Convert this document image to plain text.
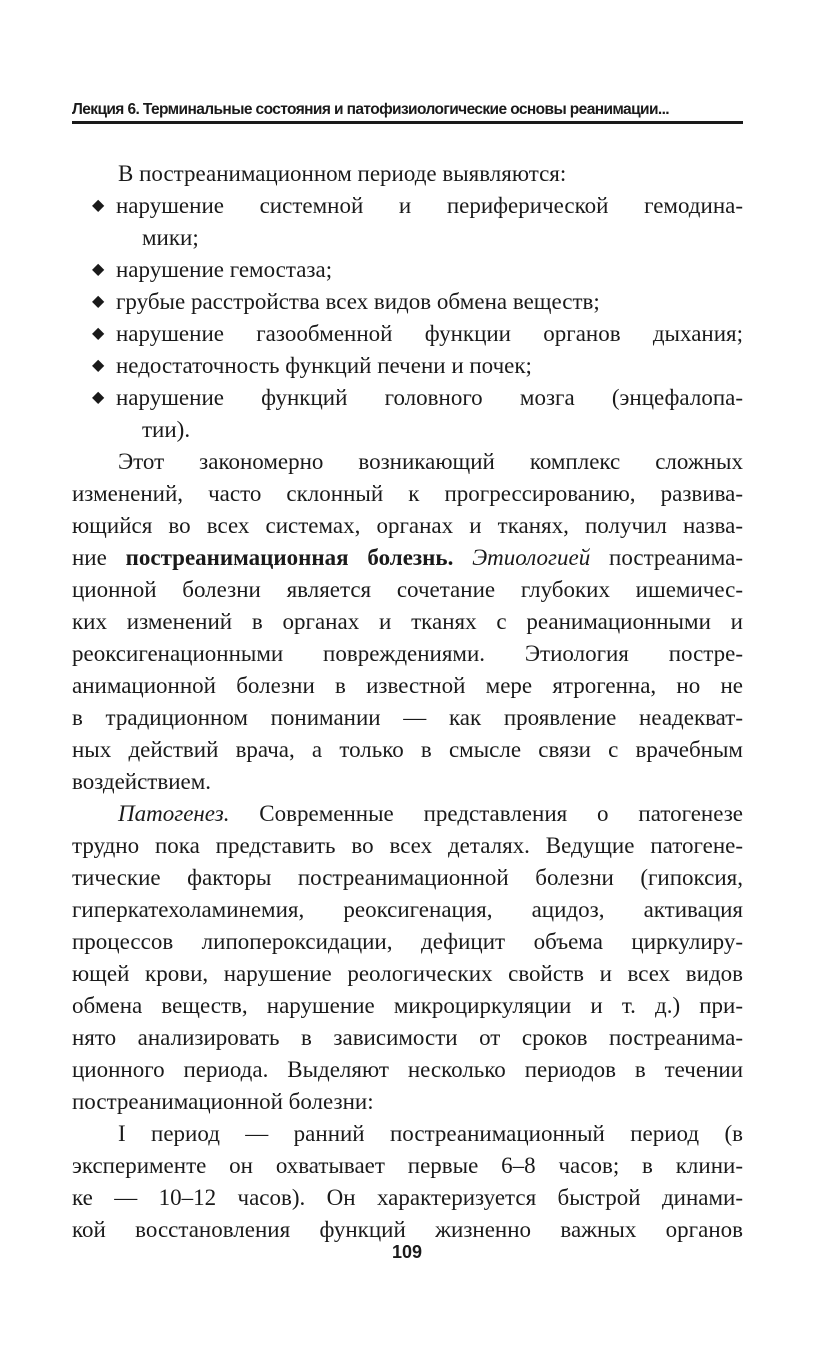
Лекция 6. Терминальные состояния и патофизиологические основы реанимации...
В постреанимационном периоде выявляются:
◆ нарушение системной и периферической гемодина-
мики;
◆ нарушение гемостаза;
◆ грубые расстройства всех видов обмена веществ;
◆ нарушение газообменной функции органов дыхания;
◆ недостаточность функций печени и почек;
◆ нарушение функций головного мозга (энцефалопа-
тии).
Этот закономерно возникающий комплекс сложных
изменений, часто склонный к прогрессированию, развива-
ющийся во всех системах, органах и тканях, получил назва-
ние постреанимационная болезнь. Этиологией постреанима-
ционной болезни является сочетание глубоких ишемичес-
ких изменений в органах и тканях с реанимационными и
реоксигенационными повреждениями. Этиология постре-
анимационной болезни в известной мере ятрогенна, но не
в традиционном понимании — как проявление неадекват-
ных действий врача, а только в смысле связи с врачебным
воздействием.
Патогенез. Современные представления о патогенезе
трудно пока представить во всех деталях. Ведущие патогене-
тические факторы постреанимационной болезни (гипоксия,
гиперкатехоламинемия, реоксигенация, ацидоз, активация
процессов липопероксидации, дефицит объема циркулиру-
ющей крови, нарушение реологических свойств и всех видов
обмена веществ, нарушение микроциркуляции и т. д.) при-
нято анализировать в зависимости от сроков постреанима-
ционного периода. Выделяют несколько периодов в течении
постреанимационной болезни:
I период — ранний постреанимационный период (в
эксперименте он охватывает первые 6–8 часов; в клини-
ке — 10–12 часов). Он характеризуется быстрой динами-
кой восстановления функций жизненно важных органов
109
